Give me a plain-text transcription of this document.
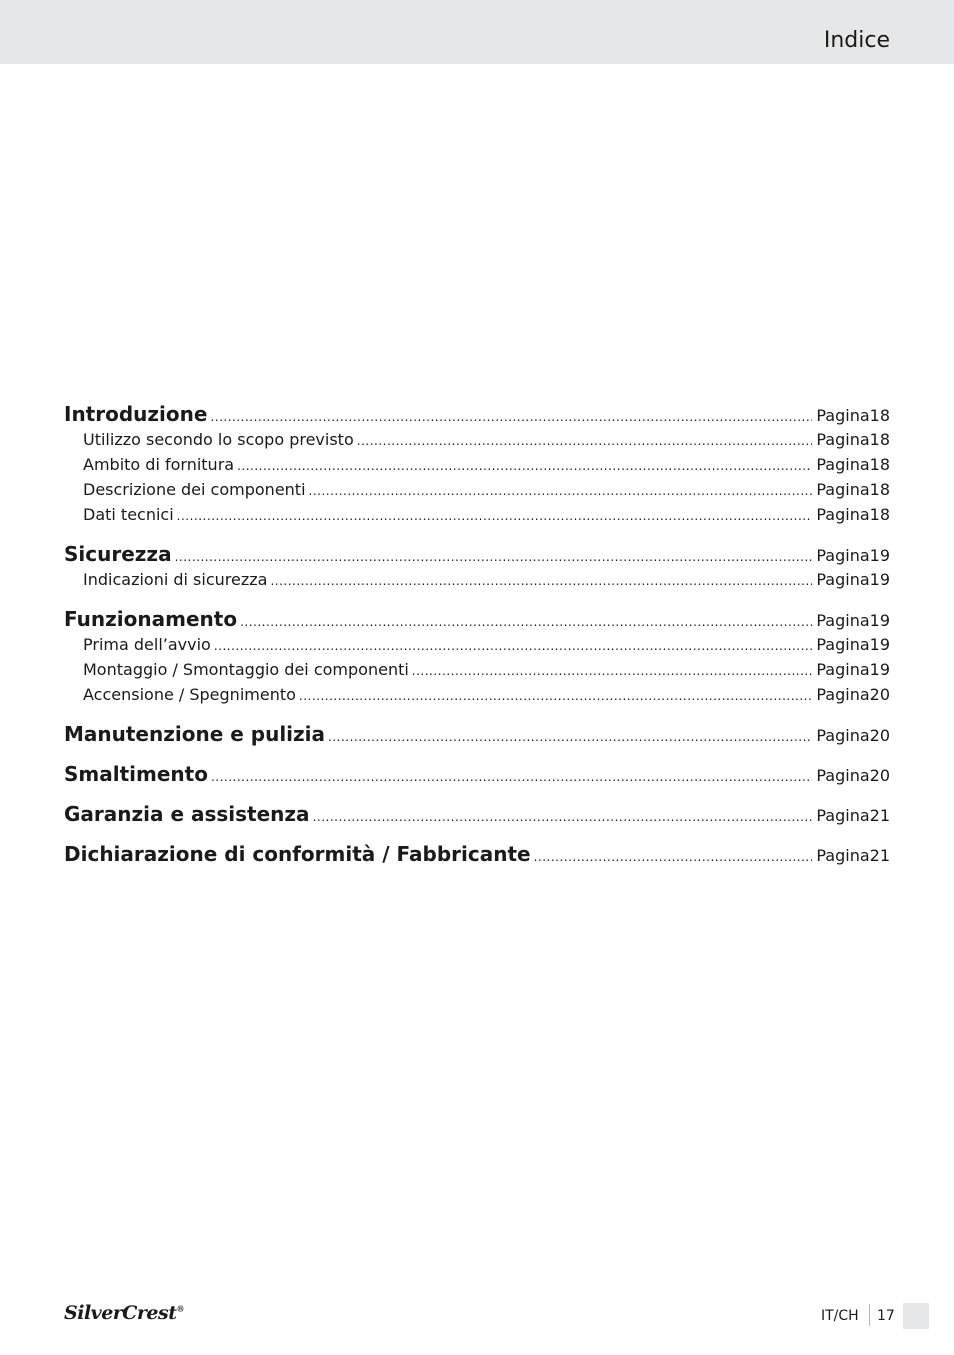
Indice
Introduzione .....	Pagina 18
Utilizzo secondo lo scopo previsto .....	Pagina 18
Ambito di fornitura .....	Pagina 18
Descrizione dei componenti .....	Pagina 18
Dati tecnici .....	Pagina 18
Sicurezza .....	Pagina 19
Indicazioni di sicurezza .....	Pagina 19
Funzionamento .....	Pagina 19
Prima dell’avvio .....	Pagina 19
Montaggio / Smontaggio dei componenti .....	Pagina 19
Accensione / Spegnimento .....	Pagina 20
Manutenzione e pulizia .....	Pagina 20
Smaltimento .....	Pagina 20
Garanzia e assistenza .....	Pagina 21
Dichiarazione di conformità / Fabbricante .....	Pagina 21
SilverCrest®	IT/CH 17
